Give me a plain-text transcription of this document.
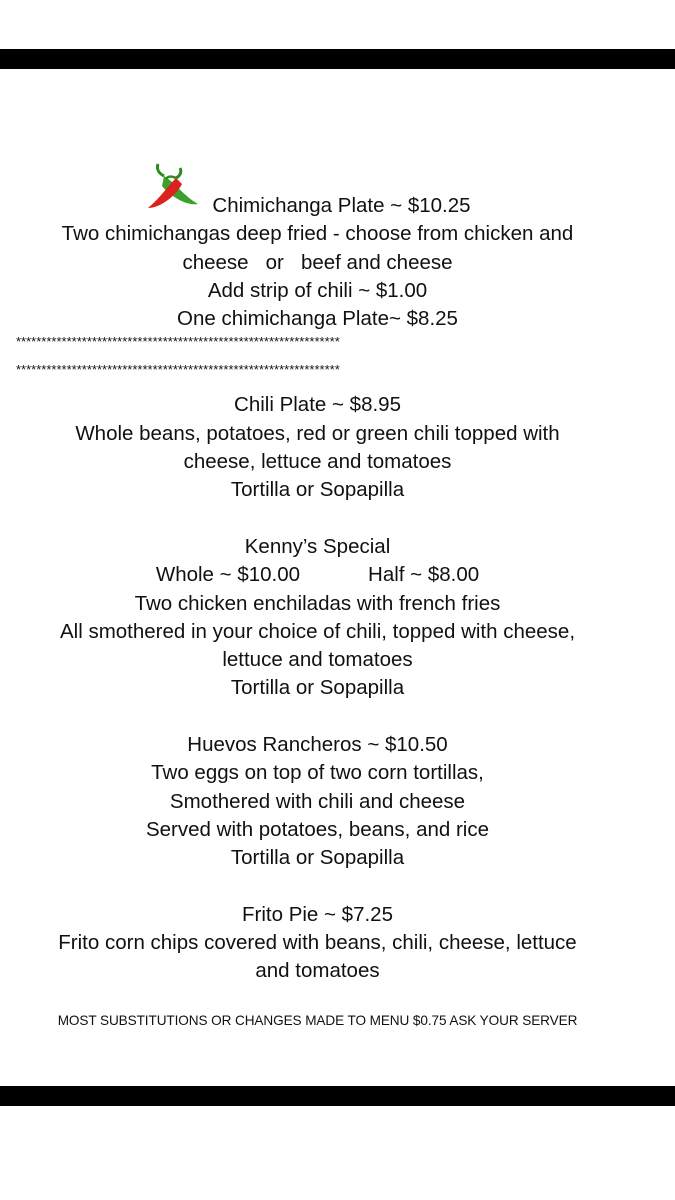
Chimichanga Plate ~ $10.25
Two chimichangas deep fried - choose from chicken and
cheese   or   beef and cheese
Add strip of chili ~ $1.00
One chimichanga Plate~ $8.25
****************************************************************
****************************************************************
Chili Plate ~ $8.95
Whole beans, potatoes, red or green chili topped with
cheese, lettuce and tomatoes
Tortilla or Sopapilla
Kenny’s Special
Whole ~ $10.00	Half ~ $8.00
Two chicken enchiladas with french fries
All smothered in your choice of chili, topped with cheese,
lettuce and tomatoes
Tortilla or Sopapilla
Huevos Rancheros ~ $10.50
Two eggs on top of two corn tortillas,
Smothered with chili and cheese
Served with potatoes, beans, and rice
Tortilla or Sopapilla
Frito Pie ~ $7.25
Frito corn chips covered with beans, chili, cheese, lettuce
and tomatoes
MOST SUBSTITUTIONS OR CHANGES MADE TO MENU $0.75 ASK YOUR SERVER
